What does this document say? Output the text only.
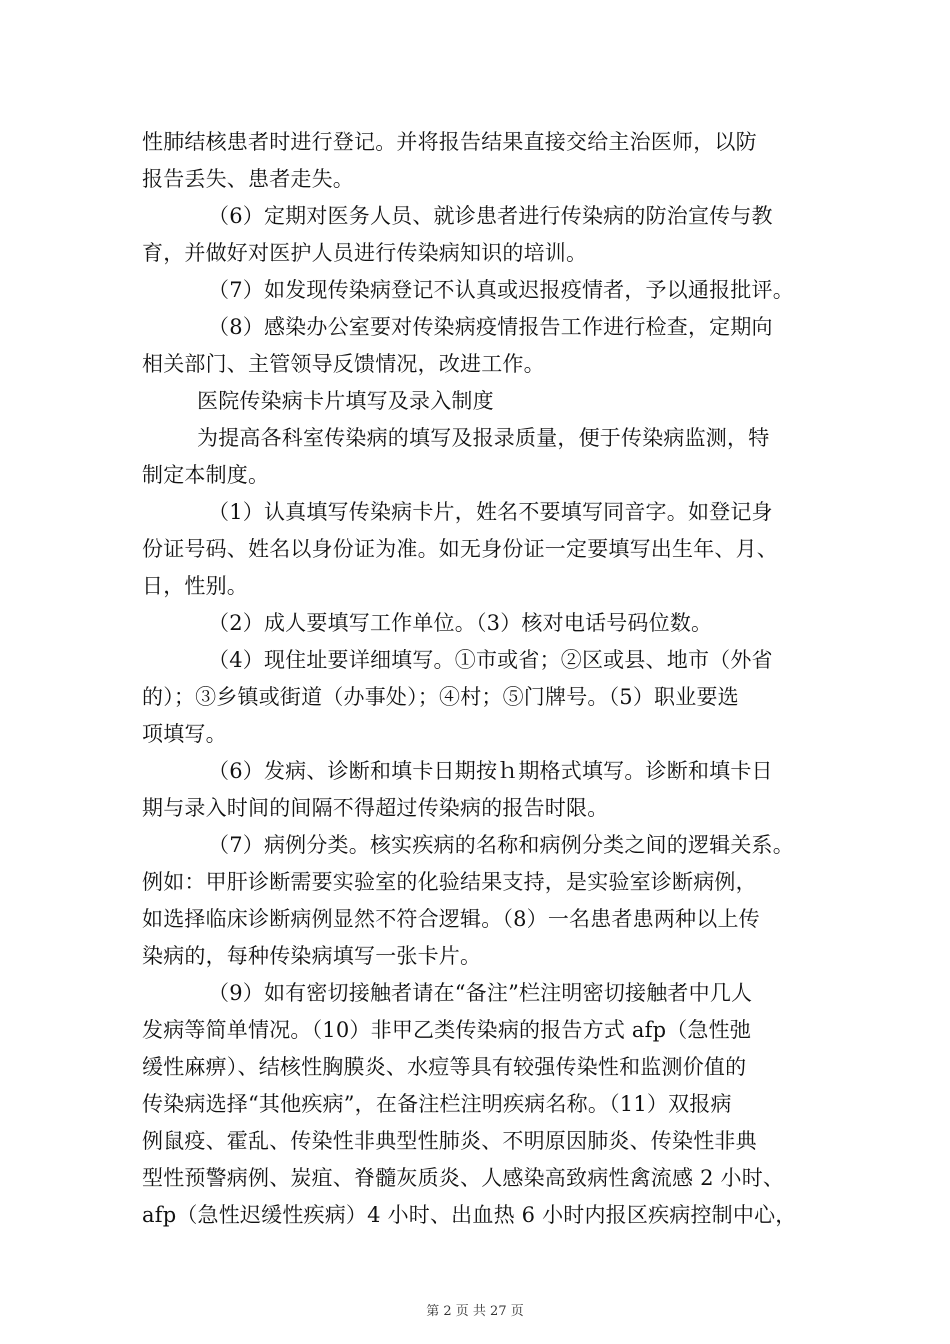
性肺结核患者时进行登记。并将报告结果直接交给主治医师，以防

报告丢失、患者走失。

（6）定期对医务人员、就诊患者进行传染病的防治宣传与教

育，并做好对医护人员进行传染病知识的培训。

（7）如发现传染病登记不认真或迟报疫情者，予以通报批评。

（8）感染办公室要对传染病疫情报告工作进行检查，定期向

相关部门、主管领导反馈情况，改进工作。

医院传染病卡片填写及录入制度

为提高各科室传染病的填写及报录质量，便于传染病监测，特

制定本制度。

（1）认真填写传染病卡片，姓名不要填写同音字。如登记身

份证号码、姓名以身份证为准。如无身份证一定要填写出生年、月、

日，性别。

（2）成人要填写工作单位。（3）核对电话号码位数。

（4）现住址要详细填写。①市或省；②区或县、地市（外省

的）；③乡镇或街道（办事处）；④村；⑤门牌号。（5）职业要选

项填写。

（6）发病、诊断和填卡日期按ｈ期格式填写。诊断和填卡日

期与录入时间的间隔不得超过传染病的报告时限。

（7）病例分类。核实疾病的名称和病例分类之间的逻辑关系。

例如：甲肝诊断需要实验室的化验结果支持，是实验室诊断病例，

如选择临床诊断病例显然不符合逻辑。（8）一名患者患两种以上传

染病的，每种传染病填写一张卡片。

（9）如有密切接触者请在“备注”栏注明密切接触者中几人

发病等简单情况。（10）非甲乙类传染病的报告方式 afp（急性弛

缓性麻痹）、结核性胸膜炎、水痘等具有较强传染性和监测价值的

传染病选择“其他疾病”，在备注栏注明疾病名称。（11）双报病

例鼠疫、霍乱、传染性非典型性肺炎、不明原因肺炎、传染性非典

型性预警病例、炭疽、脊髓灰质炎、人感染高致病性禽流感 2 小时、

afp（急性迟缓性疾病）4 小时、出血热 6 小时内报区疾病控制中心，

第 2 页 共 27 页
